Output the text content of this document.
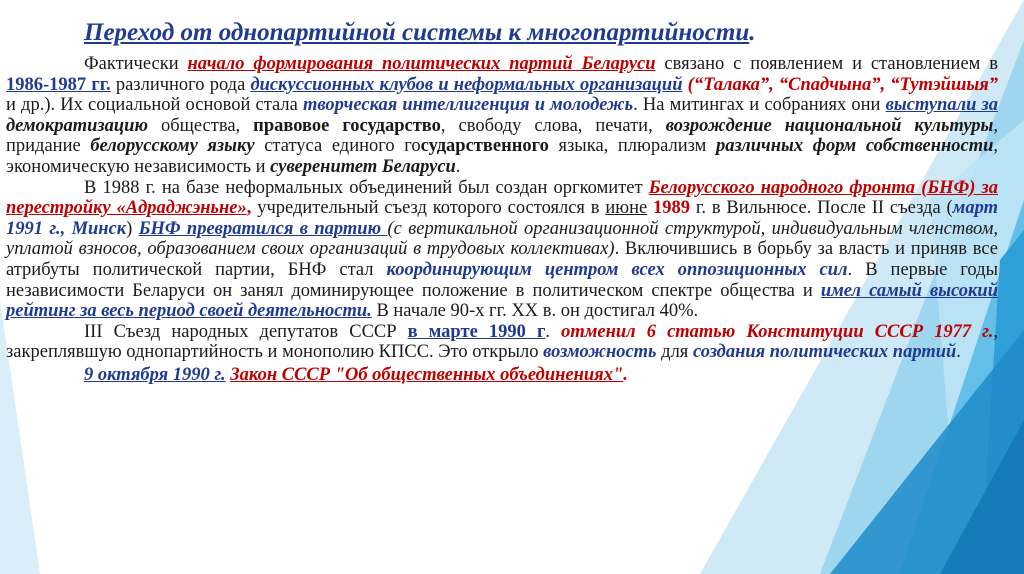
Переход от однопартийной системы к многопартийности.

Фактически начало формирования политических партий Беларуси связано с появлением и становлением в 1986-1987 гг. различного рода дискуссионных клубов и неформальных организаций (“Талака”, “Спадчына”, “Тутэйшыя” и др.). Их социальной основой стала творческая интеллигенция и молодежь. На митингах и собраниях они выступали за демократизацию общества, правовое государство, свободу слова, печати, возрождение национальной культуры, придание белорусскому языку статуса единого государственного языка, плюрализм различных форм собственности, экономическую независимость и суверенитет Беларуси.

В 1988 г. на базе неформальных объединений был создан оргкомитет Белорусского народного фронта (БНФ) за перестройку «Адраджэньне», учредительный съезд которого состоялся в июне 1989 г. в Вильнюсе. После II съезда (март 1991 г., Минск) БНФ превратился в партию (с вертикальной организационной структурой, индивидуальным членством, уплатой взносов, образованием своих организаций в трудовых коллективах). Включившись в борьбу за власть и приняв все атрибуты политической партии, БНФ стал координирующим центром всех оппозиционных сил. В первые годы независимости Беларуси он занял доминирующее положение в политическом спектре общества и имел самый высокий рейтинг за весь период своей деятельности. В начале 90-х гг. XX в. он достигал 40%.

III Съезд народных депутатов СССР в марте 1990 г. отменил 6 статью Конституции СССР 1977 г., закреплявшую однопартийность и монополию КПСС. Это открыло возможность для создания политических партий.

9 октября 1990 г. Закон СССР "Об общественных объединениях".
